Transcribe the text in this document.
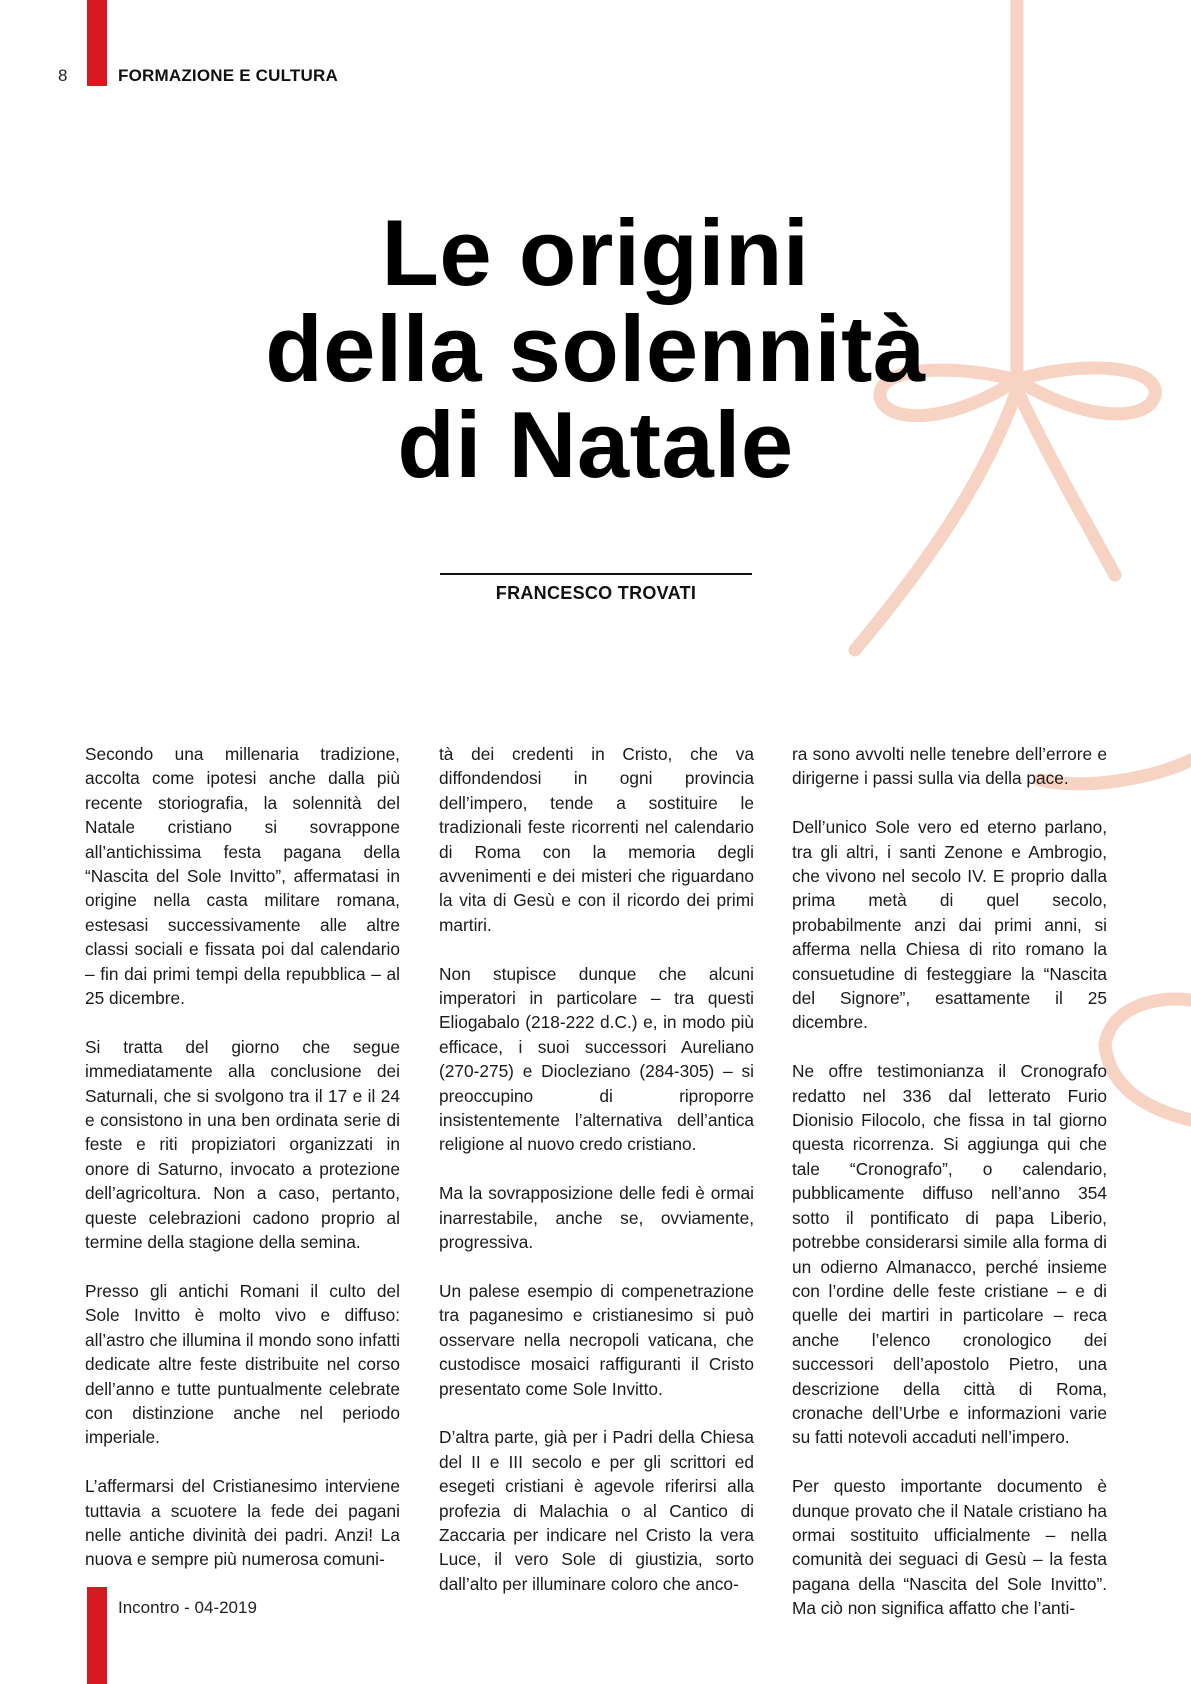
8	FORMAZIONE E CULTURA
Le origini
della solennità
di Natale
FRANCESCO TROVATI

Secondo una millenaria tradizione, accolta come ipotesi anche dalla più recente storiografia, la solennità del Natale cristiano si sovrappone all’antichissima festa pagana della “Nascita del Sole Invitto”, affermatasi in origine nella casta militare romana, estesasi successivamente alle altre classi sociali e fissata poi dal calendario – fin dai primi tempi della repubblica – al 25 dicembre.

Si tratta del giorno che segue immediatamente alla conclusione dei Saturnali, che si svolgono tra il 17 e il 24 e consistono in una ben ordinata serie di feste e riti propiziatori organizzati in onore di Saturno, invocato a protezione dell’agricoltura. Non a caso, pertanto, queste celebrazioni cadono proprio al termine della stagione della semina.

Presso gli antichi Romani il culto del Sole Invitto è molto vivo e diffuso: all’astro che illumina il mondo sono infatti dedicate altre feste distribuite nel corso dell’anno e tutte puntualmente celebrate con distinzione anche nel periodo imperiale.

L’affermarsi del Cristianesimo interviene tuttavia a scuotere la fede dei pagani nelle antiche divinità dei padri. Anzi! La nuova e sempre più numerosa comuni-

tà dei credenti in Cristo, che va diffondendosi in ogni provincia dell’impero, tende a sostituire le tradizionali feste ricorrenti nel calendario di Roma con la memoria degli avvenimenti e dei misteri che riguardano la vita di Gesù e con il ricordo dei primi martiri.

Non stupisce dunque che alcuni imperatori in particolare – tra questi Eliogabalo (218-222 d.C.) e, in modo più efficace, i suoi successori Aureliano (270-275) e Diocleziano (284-305) – si preoccupino di riproporre insistentemente l’alternativa dell’antica religione al nuovo credo cristiano.

Ma la sovrapposizione delle fedi è ormai inarrestabile, anche se, ovviamente, progressiva.

Un palese esempio di compenetrazione tra paganesimo e cristianesimo si può osservare nella necropoli vaticana, che custodisce mosaici raffiguranti il Cristo presentato come Sole Invitto.

D’altra parte, già per i Padri della Chiesa del II e III secolo e per gli scrittori ed esegeti cristiani è agevole riferirsi alla profezia di Malachia o al Cantico di Zaccaria per indicare nel Cristo la vera Luce, il vero Sole di giustizia, sorto dall’alto per illuminare coloro che anco-

ra sono avvolti nelle tenebre dell’errore e dirigerne i passi sulla via della pace.

Dell’unico Sole vero ed eterno parlano, tra gli altri, i santi Zenone e Ambrogio, che vivono nel secolo IV. E proprio dalla prima metà di quel secolo, probabilmente anzi dai primi anni, si afferma nella Chiesa di rito romano la consuetudine di festeggiare la “Nascita del Signore”, esattamente il 25 dicembre.

Ne offre testimonianza il Cronografo redatto nel 336 dal letterato Furio Dionisio Filocolo, che fissa in tal giorno questa ricorrenza. Si aggiunga qui che tale “Cronografo”, o calendario, pubblicamente diffuso nell’anno 354 sotto il pontificato di papa Liberio, potrebbe considerarsi simile alla forma di un odierno Almanacco, perché insieme con l’ordine delle feste cristiane – e di quelle dei martiri in particolare – reca anche l’elenco cronologico dei successori dell’apostolo Pietro, una descrizione della città di Roma, cronache dell’Urbe e informazioni varie su fatti notevoli accaduti nell’impero.

Per questo importante documento è dunque provato che il Natale cristiano ha ormai sostituito ufficialmente – nella comunità dei seguaci di Gesù – la festa pagana della “Nascita del Sole Invitto”. Ma ciò non significa affatto che l’anti-

Incontro - 04-2019
